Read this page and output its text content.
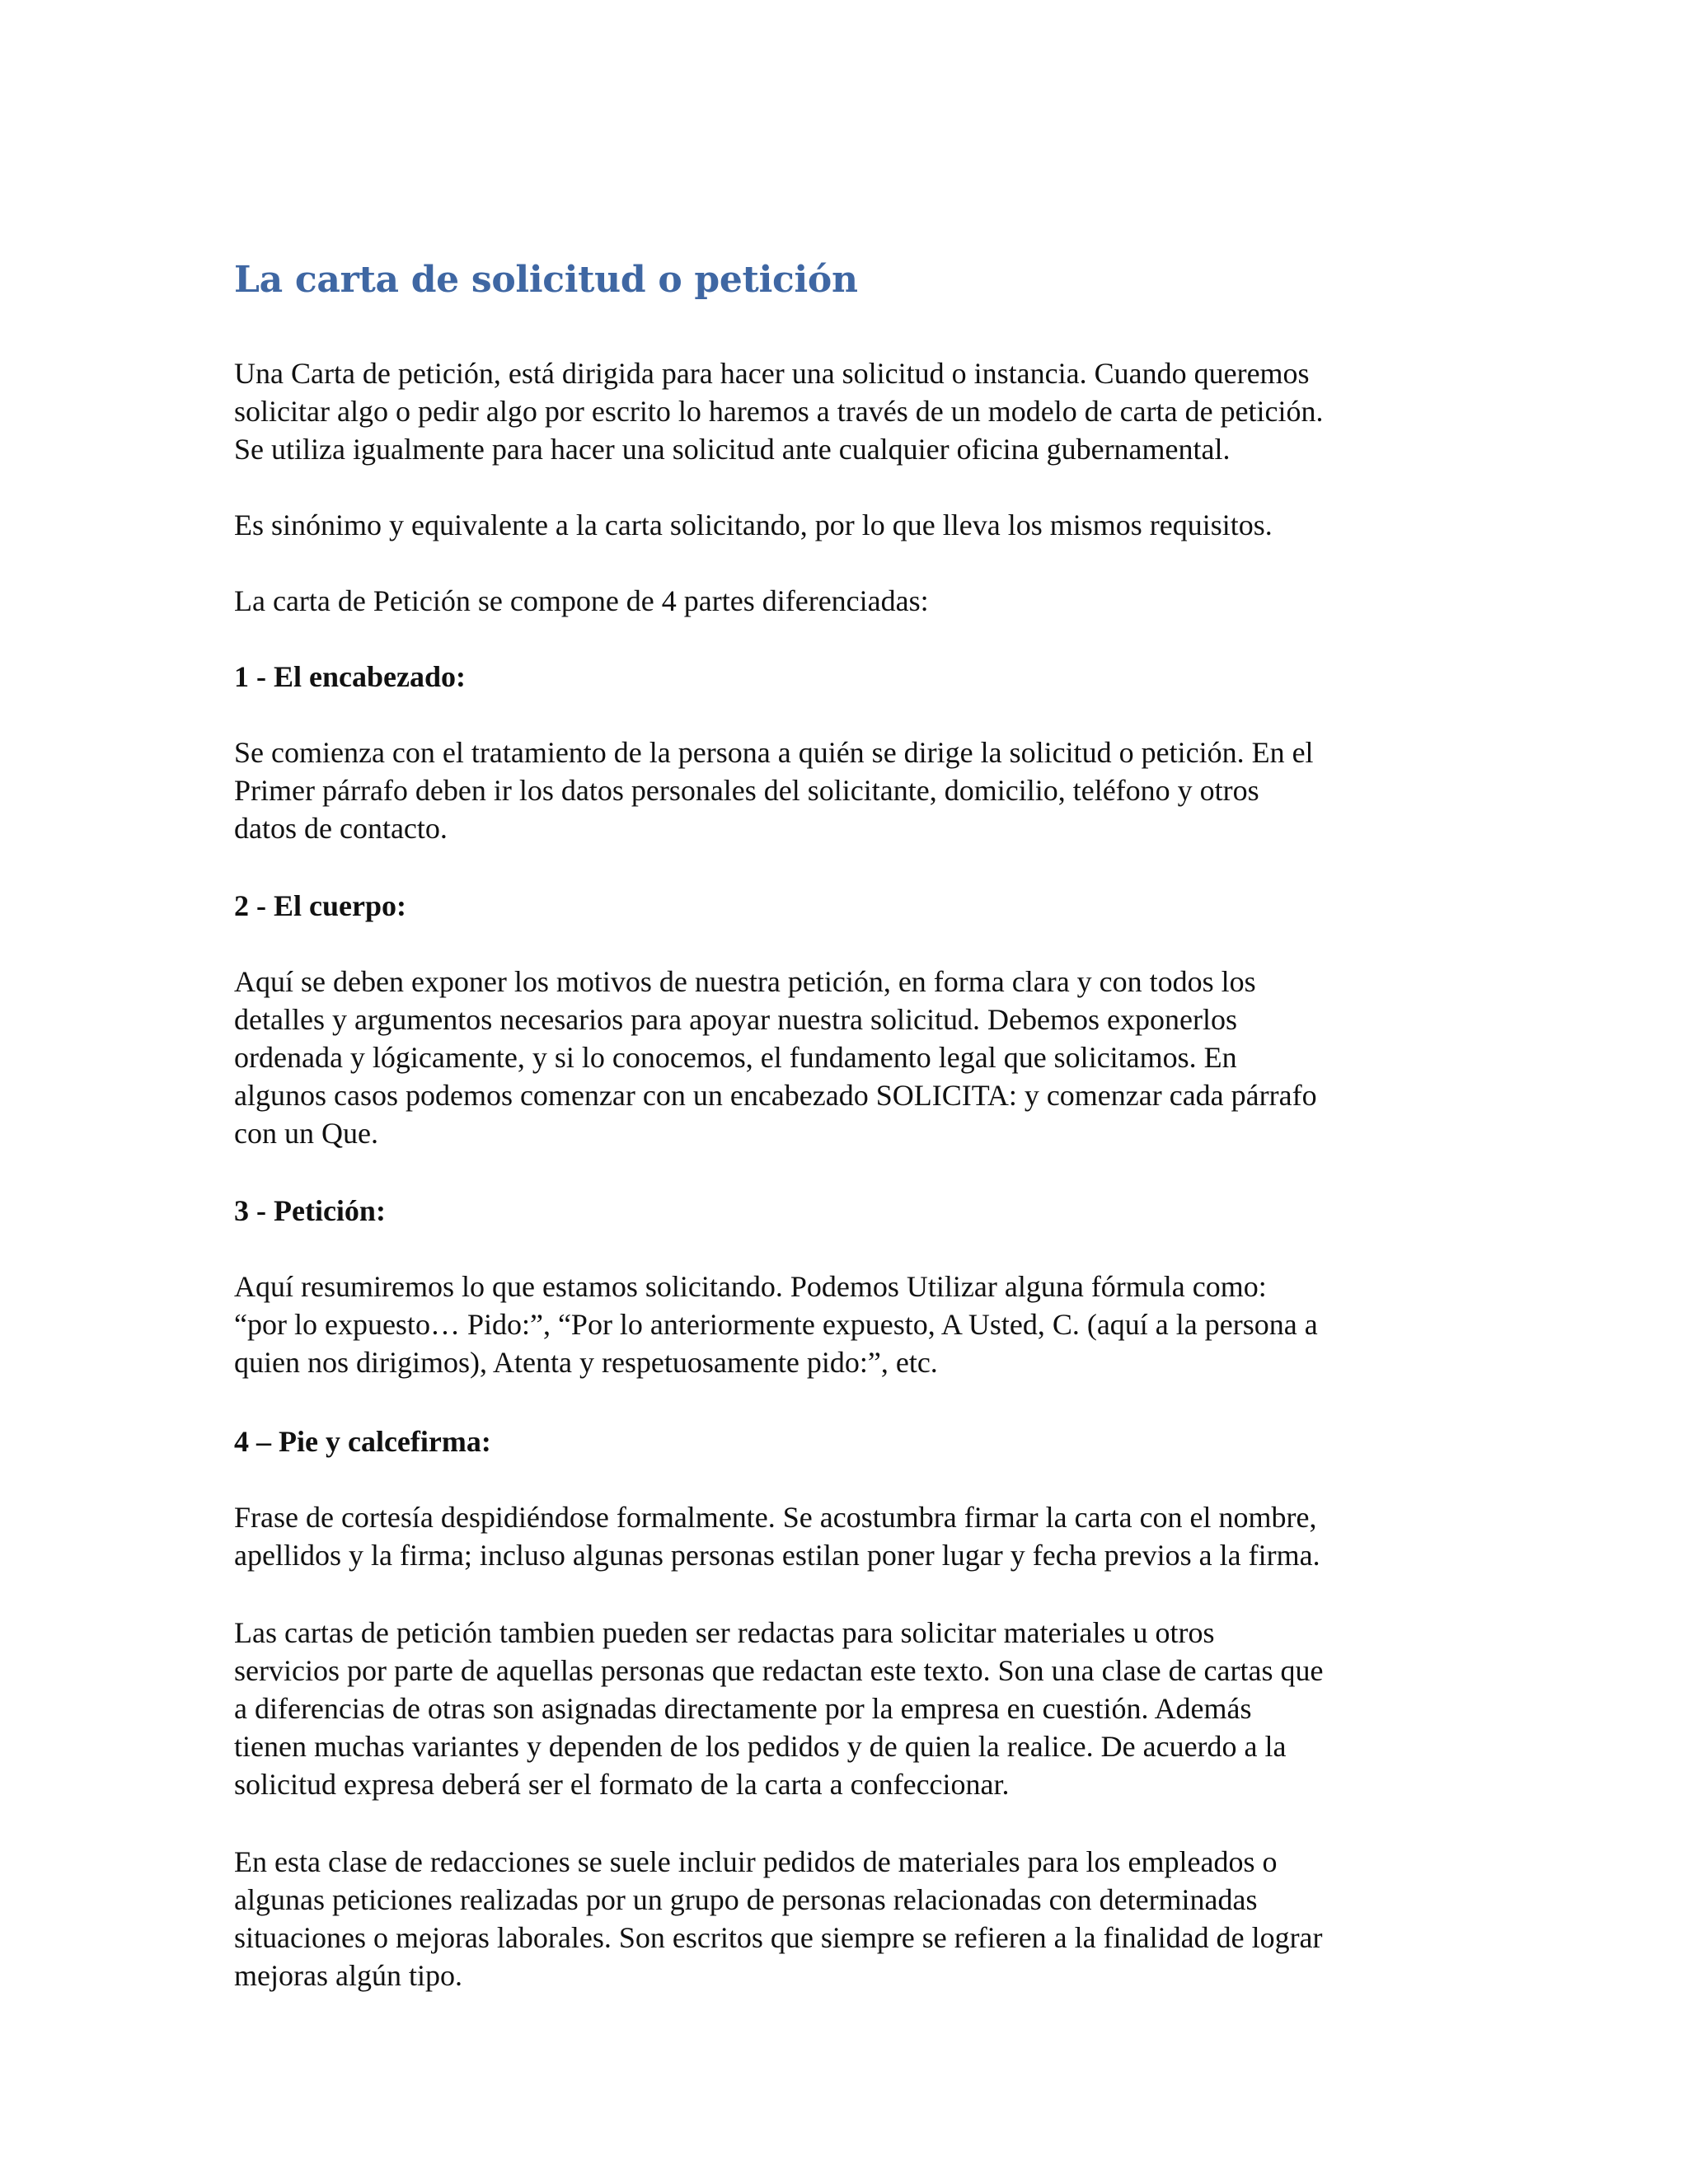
La carta de solicitud o petición
Una Carta de petición, está dirigida para hacer una solicitud o instancia. Cuando queremos
solicitar algo o pedir algo por escrito lo haremos a través de un modelo de carta de petición.
Se utiliza igualmente para hacer una solicitud ante cualquier oficina gubernamental.
Es sinónimo y equivalente a la carta solicitando, por lo que lleva los mismos requisitos.
La carta de Petición se compone de 4 partes diferenciadas:
1 - El encabezado:
Se comienza con el tratamiento de la persona a quién se dirige la solicitud o petición. En el
Primer párrafo deben ir los datos personales del solicitante, domicilio, teléfono y otros
datos de contacto.
2 - El cuerpo:
Aquí se deben exponer los motivos de nuestra petición, en forma clara y con todos los
detalles y argumentos necesarios para apoyar nuestra solicitud. Debemos exponerlos
ordenada y lógicamente, y si lo conocemos, el fundamento legal que solicitamos. En
algunos casos podemos comenzar con un encabezado SOLICITA: y comenzar cada párrafo
con un Que.
3 - Petición:
Aquí resumiremos lo que estamos solicitando. Podemos Utilizar alguna fórmula como:
“por lo expuesto… Pido:”, “Por lo anteriormente expuesto, A Usted, C. (aquí a la persona a
quien nos dirigimos), Atenta y respetuosamente pido:”, etc.
4 – Pie y calcefirma:
Frase de cortesía despidiéndose formalmente. Se acostumbra firmar la carta con el nombre,
apellidos y la firma; incluso algunas personas estilan poner lugar y fecha previos a la firma.
Las cartas de petición tambien pueden ser redactas para solicitar materiales u otros
servicios por parte de aquellas personas que redactan este texto. Son una clase de cartas que
a diferencias de otras son asignadas directamente por la empresa en cuestión. Además
tienen muchas variantes y dependen de los pedidos y de quien la realice. De acuerdo a la
solicitud expresa deberá ser el formato de la carta a confeccionar.
En esta clase de redacciones se suele incluir pedidos de materiales para los empleados o
algunas peticiones realizadas por un grupo de personas relacionadas con determinadas
situaciones o mejoras laborales. Son escritos que siempre se refieren a la finalidad de lograr
mejoras algún tipo.
